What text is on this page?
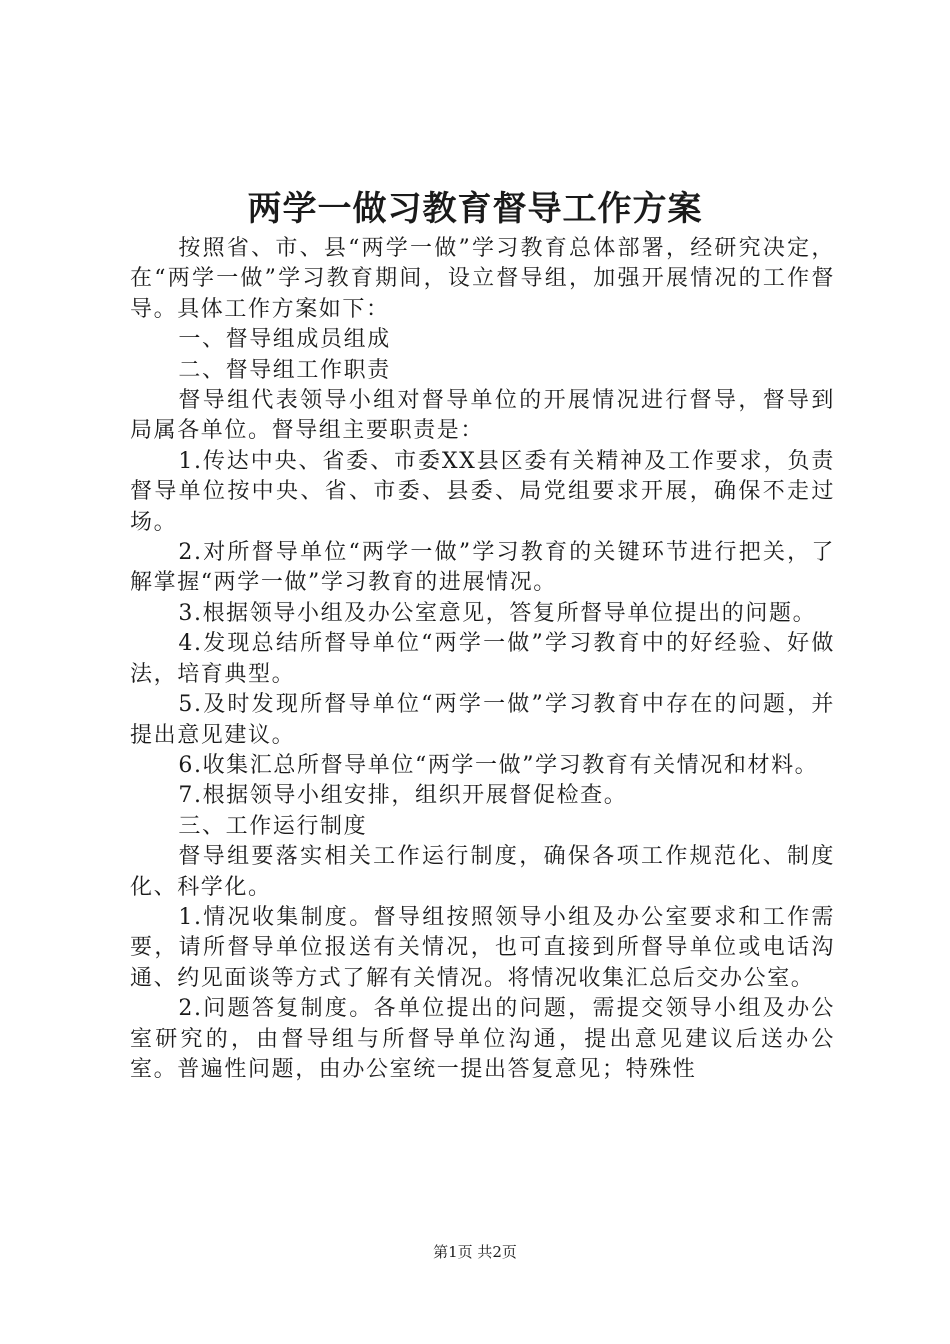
两学一做习教育督导工作方案

按照省、市、县“两学一做”学习教育总体部署，经研究决定，在“两学一做”学习教育期间，设立督导组，加强开展情况的工作督导。具体工作方案如下：

一、督导组成员组成

二、督导组工作职责

督导组代表领导小组对督导单位的开展情况进行督导，督导到局属各单位。督导组主要职责是：

1.传达中央、省委、市委XX县区委有关精神及工作要求，负责督导单位按中央、省、市委、县委、局党组要求开展，确保不走过场。

2.对所督导单位“两学一做”学习教育的关键环节进行把关，了解掌握“两学一做”学习教育的进展情况。

3.根据领导小组及办公室意见，答复所督导单位提出的问题。

4.发现总结所督导单位“两学一做”学习教育中的好经验、好做法，培育典型。

5.及时发现所督导单位“两学一做”学习教育中存在的问题，并提出意见建议。

6.收集汇总所督导单位“两学一做”学习教育有关情况和材料。

7.根据领导小组安排，组织开展督促检查。

三、工作运行制度

督导组要落实相关工作运行制度，确保各项工作规范化、制度化、科学化。

1.情况收集制度。督导组按照领导小组及办公室要求和工作需要，请所督导单位报送有关情况，也可直接到所督导单位或电话沟通、约见面谈等方式了解有关情况。将情况收集汇总后交办公室。

2.问题答复制度。各单位提出的问题，需提交领导小组及办公室研究的，由督导组与所督导单位沟通，提出意见建议后送办公室。普遍性问题，由办公室统一提出答复意见；特殊性

第1页 共2页
